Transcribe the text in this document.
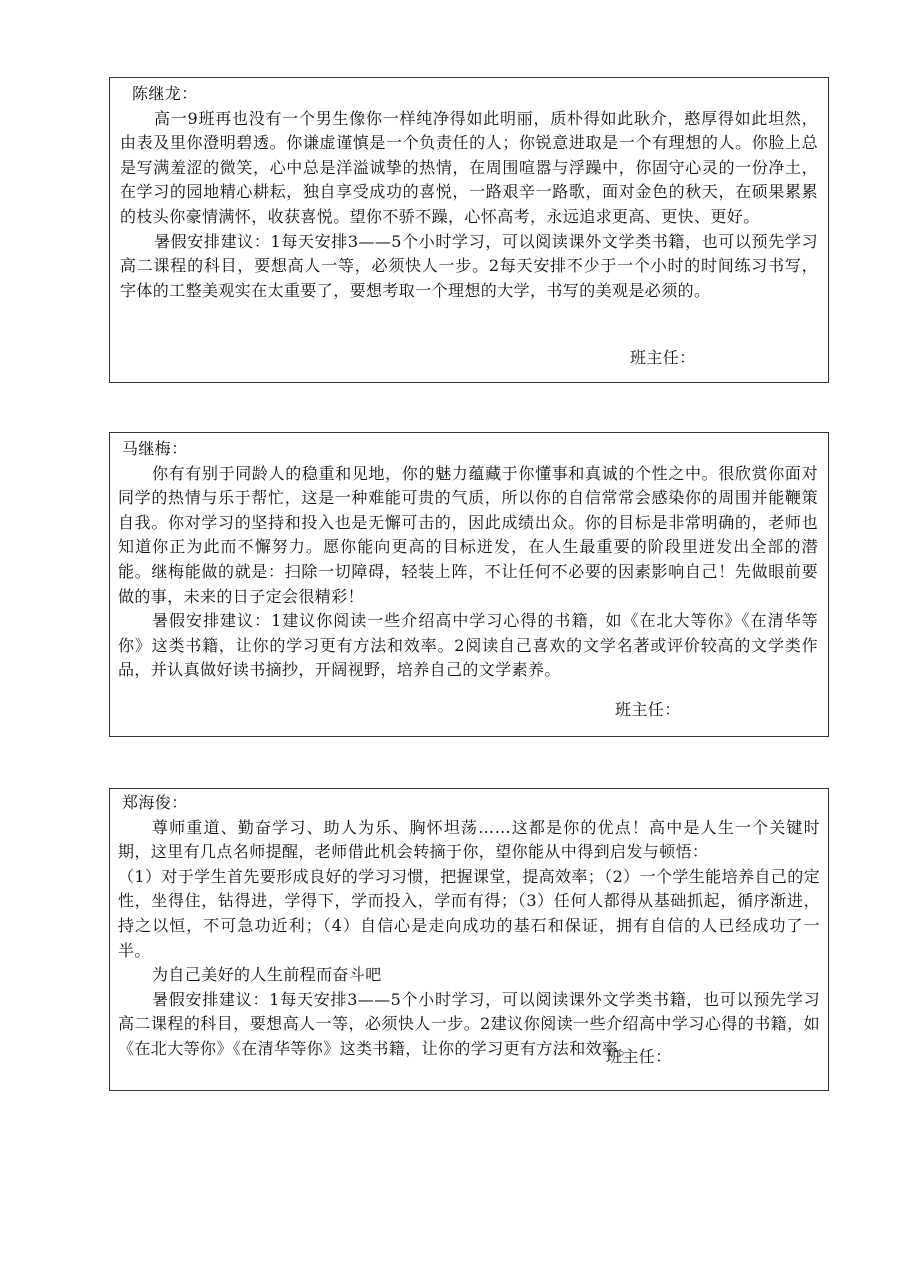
陈继龙：

高一9班再也没有一个男生像你一样纯净得如此明丽，质朴得如此耿介，憨厚得如此坦然，由表及里你澄明碧透。你谦虚谨慎是一个负责任的人；你锐意进取是一个有理想的人。你脸上总是写满羞涩的微笑，心中总是洋溢诚挚的热情，在周围喧嚣与浮躁中，你固守心灵的一份净土，在学习的园地精心耕耘，独自享受成功的喜悦，一路艰辛一路歌，面对金色的秋天，在硕果累累的枝头你豪情满怀，收获喜悦。望你不骄不躁，心怀高考，永远追求更高、更快、更好。

暑假安排建议：1每天安排3——5个小时学习，可以阅读课外文学类书籍，也可以预先学习高二课程的科目，要想高人一等，必须快人一步。2每天安排不少于一个小时的时间练习书写，字体的工整美观实在太重要了，要想考取一个理想的大学，书写的美观是必须的。

班主任：

马继梅：

你有有别于同龄人的稳重和见地，你的魅力蕴藏于你懂事和真诚的个性之中。很欣赏你面对同学的热情与乐于帮忙，这是一种难能可贵的气质，所以你的自信常常会感染你的周围并能鞭策自我。你对学习的坚持和投入也是无懈可击的，因此成绩出众。你的目标是非常明确的，老师也知道你正为此而不懈努力。愿你能向更高的目标迸发，在人生最重要的阶段里迸发出全部的潜能。继梅能做的就是：扫除一切障碍，轻装上阵，不让任何不必要的因素影响自己！先做眼前要做的事，未来的日子定会很精彩！

暑假安排建议：1建议你阅读一些介绍高中学习心得的书籍，如《在北大等你》《在清华等你》这类书籍，让你的学习更有方法和效率。2阅读自己喜欢的文学名著或评价较高的文学类作品，并认真做好读书摘抄，开阔视野，培养自己的文学素养。

班主任：

郑海俊：

尊师重道、勤奋学习、助人为乐、胸怀坦荡……这都是你的优点！高中是人生一个关键时期，这里有几点名师提醒，老师借此机会转摘于你，望你能从中得到启发与顿悟：

（1）对于学生首先要形成良好的学习习惯，把握课堂，提高效率；（2）一个学生能培养自己的定性，坐得住，钻得进，学得下，学而投入，学而有得；（3）任何人都得从基础抓起，循序渐进，持之以恒，不可急功近利；（4）自信心是走向成功的基石和保证，拥有自信的人已经成功了一半。

为自己美好的人生前程而奋斗吧

暑假安排建议：1每天安排3——5个小时学习，可以阅读课外文学类书籍，也可以预先学习高二课程的科目，要想高人一等，必须快人一步。2建议你阅读一些介绍高中学习心得的书籍，如《在北大等你》《在清华等你》这类书籍，让你的学习更有方法和效率。

班主任：
